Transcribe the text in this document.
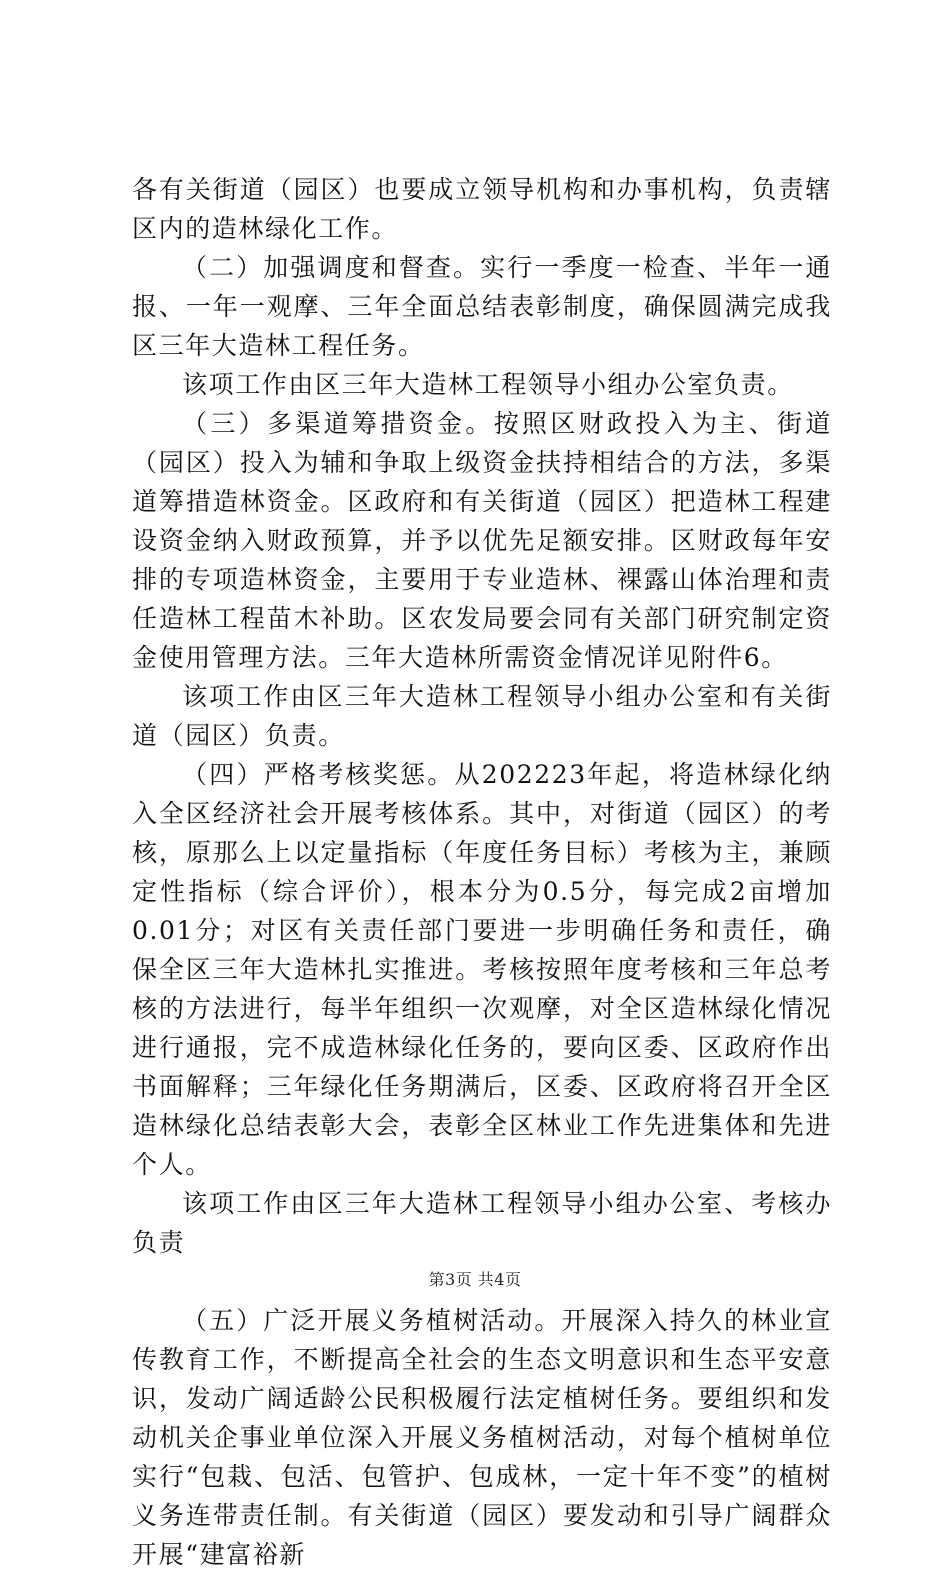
各有关街道（园区）也要成立领导机构和办事机构，负责辖区内的造林绿化工作。

（二）加强调度和督查。实行一季度一检查、半年一通报、一年一观摩、三年全面总结表彰制度，确保圆满完成我区三年大造林工程任务。

该项工作由区三年大造林工程领导小组办公室负责。

（三）多渠道筹措资金。按照区财政投入为主、街道（园区）投入为辅和争取上级资金扶持相结合的方法，多渠道筹措造林资金。区政府和有关街道（园区）把造林工程建设资金纳入财政预算，并予以优先足额安排。区财政每年安排的专项造林资金，主要用于专业造林、裸露山体治理和责任造林工程苗木补助。区农发局要会同有关部门研究制定资金使用管理方法。三年大造林所需资金情况详见附件6。

该项工作由区三年大造林工程领导小组办公室和有关街道（园区）负责。

（四）严格考核奖惩。从202223年起，将造林绿化纳入全区经济社会开展考核体系。其中，对街道（园区）的考核，原那么上以定量指标（年度任务目标）考核为主，兼顾定性指标（综合评价），根本分为0.5分，每完成2亩增加0.01分；对区有关责任部门要进一步明确任务和责任，确保全区三年大造林扎实推进。考核按照年度考核和三年总考核的方法进行，每半年组织一次观摩，对全区造林绿化情况进行通报，完不成造林绿化任务的，要向区委、区政府作出书面解释；三年绿化任务期满后，区委、区政府将召开全区造林绿化总结表彰大会，表彰全区林业工作先进集体和先进个人。

该项工作由区三年大造林工程领导小组办公室、考核办负责

（五）广泛开展义务植树活动。开展深入持久的林业宣传教育工作，不断提高全社会的生态文明意识和生态平安意识，发动广阔适龄公民积极履行法定植树任务。要组织和发动机关企事业单位深入开展义务植树活动，对每个植树单位实行“包栽、包活、包管护、包成林，一定十年不变”的植树义务连带责任制。有关街道（园区）要发动和引导广阔群众开展“建富裕新

第3页 共4页
